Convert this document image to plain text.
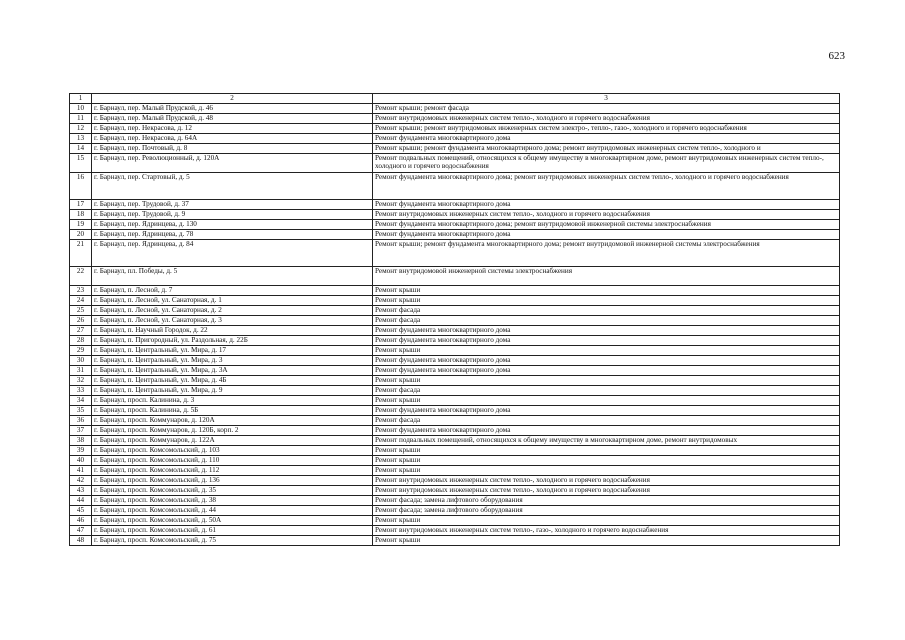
623
1	2	3
10	г. Барнаул, пер. Малый Прудской, д. 46	Ремонт крыши; ремонт фасада
11	г. Барнаул, пер. Малый Прудской, д. 48	Ремонт внутридомовых инженерных систем тепло-, холодного и горячего водоснабжения
12	г. Барнаул, пер. Некрасова, д. 12	Ремонт крыши; ремонт внутридомовых инженерных систем электро-, тепло-, газо-, холодного и горячего водоснабжения
13	г. Барнаул, пер. Некрасова, д. 64А	Ремонт фундамента многоквартирного дома
14	г. Барнаул, пер. Почтовый, д. 8	Ремонт крыши; ремонт фундамента многоквартирного дома; ремонт внутридомовых инженерных систем тепло-, холодного и
15	г. Барнаул, пер. Революционный, д. 120А	Ремонт подвальных помещений, относящихся к общему имуществу в многоквартирном доме, ремонт внутридомовых инженерных систем тепло-, холодного и горячего водоснабжения
16	г. Барнаул, пер. Стартовый, д. 5	Ремонт фундамента многоквартирного дома; ремонт внутридомовых инженерных систем тепло-, холодного и горячего водоснабжения
17	г. Барнаул, пер. Трудовой, д. 37	Ремонт фундамента многоквартирного дома
18	г. Барнаул, пер. Трудовой, д. 9	Ремонт внутридомовых инженерных систем тепло-, холодного и горячего водоснабжения
19	г. Барнаул, пер. Ядринцева, д. 130	Ремонт фундамента многоквартирного дома; ремонт внутридомовой инженерной системы электроснабжения
20	г. Барнаул, пер. Ядринцева, д. 78	Ремонт фундамента многоквартирного дома
21	г. Барнаул, пер. Ядринцева, д. 84	Ремонт крыши; ремонт фундамента многоквартирного дома; ремонт внутридомовой инженерной системы электроснабжения
22	г. Барнаул, пл. Победы, д. 5	Ремонт внутридомовой инженерной системы электроснабжения
23	г. Барнаул, п. Лесной, д. 7	Ремонт крыши
24	г. Барнаул, п. Лесной, ул. Санаторная, д. 1	Ремонт крыши
25	г. Барнаул, п. Лесной, ул. Санаторная, д. 2	Ремонт фасада
26	г. Барнаул, п. Лесной, ул. Санаторная, д. 3	Ремонт фасада
27	г. Барнаул, п. Научный Городок, д. 22	Ремонт фундамента многоквартирного дома
28	г. Барнаул, п. Пригородный, ул. Раздольная, д. 22Б	Ремонт фундамента многоквартирного дома
29	г. Барнаул, п. Центральный, ул. Мира, д. 17	Ремонт крыши
30	г. Барнаул, п. Центральный, ул. Мира, д. 3	Ремонт фундамента многоквартирного дома
31	г. Барнаул, п. Центральный, ул. Мира, д. 3А	Ремонт фундамента многоквартирного дома
32	г. Барнаул, п. Центральный, ул. Мира, д. 4Б	Ремонт крыши
33	г. Барнаул, п. Центральный, ул. Мира, д. 9	Ремонт фасада
34	г. Барнаул, просп. Калинина, д. 3	Ремонт крыши
35	г. Барнаул, просп. Калинина, д. 5Б	Ремонт фундамента многоквартирного дома
36	г. Барнаул, просп. Коммунаров, д. 120А	Ремонт фасада
37	г. Барнаул, просп. Коммунаров, д. 120Б, корп. 2	Ремонт фундамента многоквартирного дома
38	г. Барнаул, просп. Коммунаров, д. 122А	Ремонт подвальных помещений, относящихся к общему имуществу в многоквартирном доме, ремонт внутридомовых
39	г. Барнаул, просп. Комсомольский, д. 103	Ремонт крыши
40	г. Барнаул, просп. Комсомольский, д. 110	Ремонт крыши
41	г. Барнаул, просп. Комсомольский, д. 112	Ремонт крыши
42	г. Барнаул, просп. Комсомольский, д. 136	Ремонт внутридомовых инженерных систем тепло-, холодного и горячего водоснабжения
43	г. Барнаул, просп. Комсомольский, д. 35	Ремонт внутридомовых инженерных систем тепло-, холодного и горячего водоснабжения
44	г. Барнаул, просп. Комсомольский, д. 38	Ремонт фасада; замена лифтового оборудования
45	г. Барнаул, просп. Комсомольский, д. 44	Ремонт фасада; замена лифтового оборудования
46	г. Барнаул, просп. Комсомольский, д. 50А	Ремонт крыши
47	г. Барнаул, просп. Комсомольский, д. 61	Ремонт внутридомовых инженерных систем тепло-, газо-, холодного и горячего водоснабжения
48	г. Барнаул, просп. Комсомольский, д. 75	Ремонт крыши
